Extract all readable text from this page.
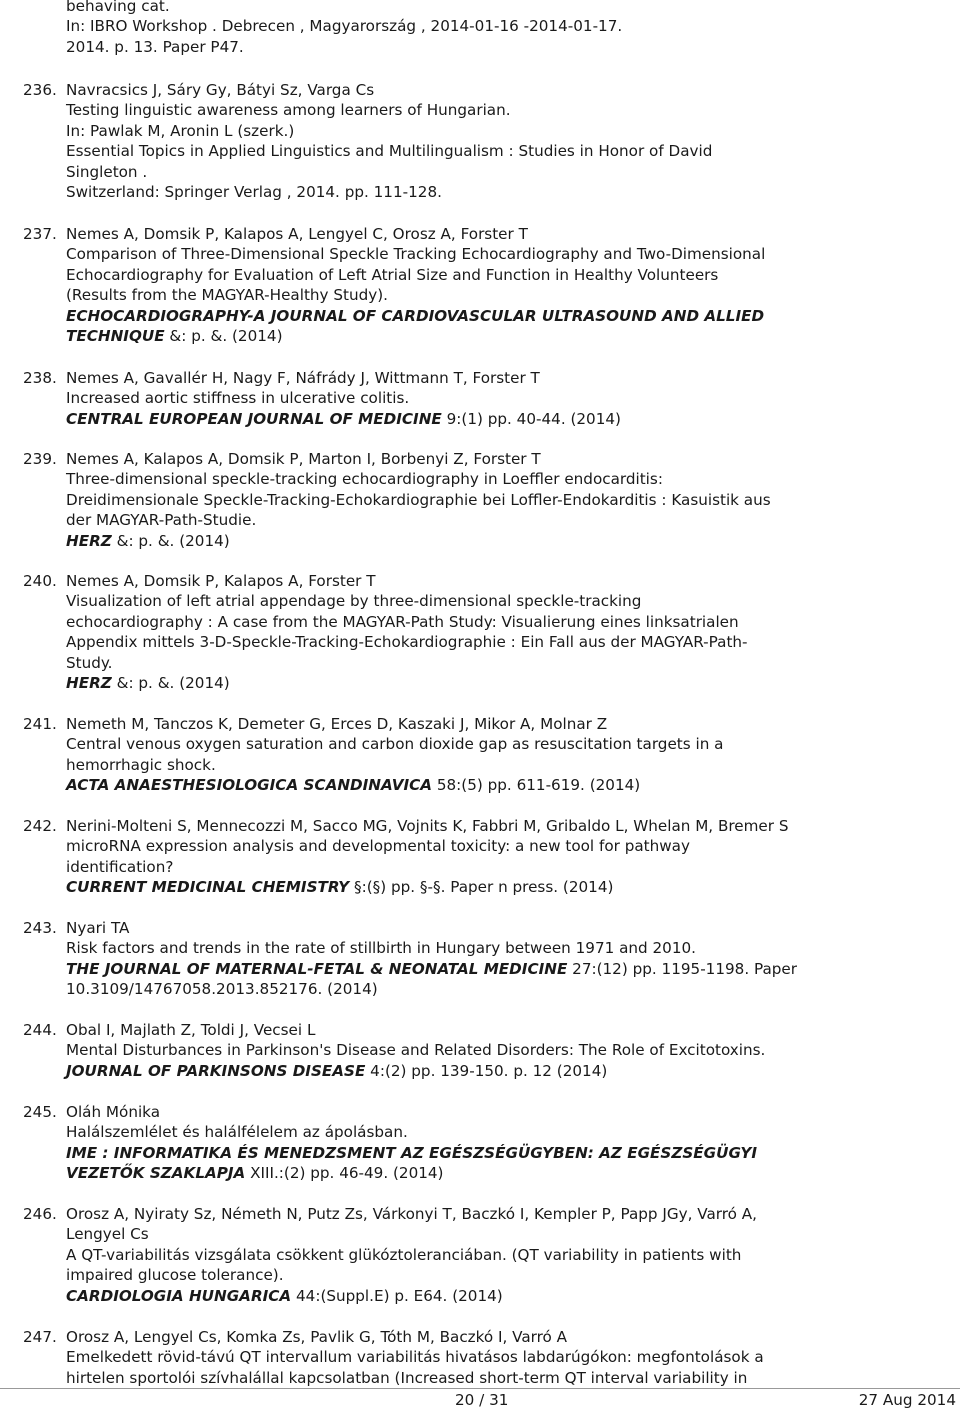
behaving cat.
In: IBRO Workshop . Debrecen , Magyarország , 2014-01-16 -2014-01-17.
2014. p. 13. Paper P47.
236. Navracsics J, Sáry Gy, Bátyi Sz, Varga Cs
Testing linguistic awareness among learners of Hungarian.
In: Pawlak M, Aronin L (szerk.)
Essential Topics in Applied Linguistics and Multilingualism : Studies in Honor of David
Singleton .
Switzerland: Springer Verlag , 2014. pp. 111-128.
237. Nemes A, Domsik P, Kalapos A, Lengyel C, Orosz A, Forster T
Comparison of Three-Dimensional Speckle Tracking Echocardiography and Two-Dimensional
Echocardiography for Evaluation of Left Atrial Size and Function in Healthy Volunteers
(Results from the MAGYAR-Healthy Study).
ECHOCARDIOGRAPHY-A JOURNAL OF CARDIOVASCULAR ULTRASOUND AND ALLIED
TECHNIQUE &: p. &. (2014)
238. Nemes A, Gavallér H, Nagy F, Náfrády J, Wittmann T, Forster T
Increased aortic stiffness in ulcerative colitis.
CENTRAL EUROPEAN JOURNAL OF MEDICINE 9:(1) pp. 40-44. (2014)
239. Nemes A, Kalapos A, Domsik P, Marton I, Borbenyi Z, Forster T
Three-dimensional speckle-tracking echocardiography in Loeffler endocarditis:
Dreidimensionale Speckle-Tracking-Echokardiographie bei Loffler-Endokarditis : Kasuistik aus
der MAGYAR-Path-Studie.
HERZ &: p. &. (2014)
240. Nemes A, Domsik P, Kalapos A, Forster T
Visualization of left atrial appendage by three-dimensional speckle-tracking
echocardiography : A case from the MAGYAR-Path Study: Visualierung eines linksatrialen
Appendix mittels 3-D-Speckle-Tracking-Echokardiographie : Ein Fall aus der MAGYAR-Path-
Study.
HERZ &: p. &. (2014)
241. Nemeth M, Tanczos K, Demeter G, Erces D, Kaszaki J, Mikor A, Molnar Z
Central venous oxygen saturation and carbon dioxide gap as resuscitation targets in a
hemorrhagic shock.
ACTA ANAESTHESIOLOGICA SCANDINAVICA 58:(5) pp. 611-619. (2014)
242. Nerini-Molteni S, Mennecozzi M, Sacco MG, Vojnits K, Fabbri M, Gribaldo L, Whelan M, Bremer S
microRNA expression analysis and developmental toxicity: a new tool for pathway
identification?
CURRENT MEDICINAL CHEMISTRY §:(§) pp. §-§. Paper n press. (2014)
243. Nyari TA
Risk factors and trends in the rate of stillbirth in Hungary between 1971 and 2010.
THE JOURNAL OF MATERNAL-FETAL & NEONATAL MEDICINE 27:(12) pp. 1195-1198. Paper
10.3109/14767058.2013.852176. (2014)
244. Obal I, Majlath Z, Toldi J, Vecsei L
Mental Disturbances in Parkinson's Disease and Related Disorders: The Role of Excitotoxins.
JOURNAL OF PARKINSONS DISEASE 4:(2) pp. 139-150. p. 12 (2014)
245. Oláh Mónika
Halálszemlélet és halálfélelem az ápolásban.
IME : INFORMATIKA ÉS MENEDZSMENT AZ EGÉSZSÉGÜGYBEN: AZ EGÉSZSÉGÜGYI
VEZETŐK SZAKLAPJA XIII.:(2) pp. 46-49. (2014)
246. Orosz A, Nyiraty Sz, Németh N, Putz Zs, Várkonyi T, Baczkó I, Kempler P, Papp JGy, Varró A,
Lengyel Cs
A QT-variabilitás vizsgálata csökkent glükóztoleranciában. (QT variability in patients with
impaired glucose tolerance).
CARDIOLOGIA HUNGARICA 44:(Suppl.E) p. E64. (2014)
247. Orosz A, Lengyel Cs, Komka Zs, Pavlik G, Tóth M, Baczkó I, Varró A
Emelkedett rövid-távú QT intervallum variabilitás hivatásos labdarúgókon: megfontolások a
hirtelen sportolói szívhalállal kapcsolatban (Increased short-term QT interval variability in
20 / 31	27 Aug 2014
